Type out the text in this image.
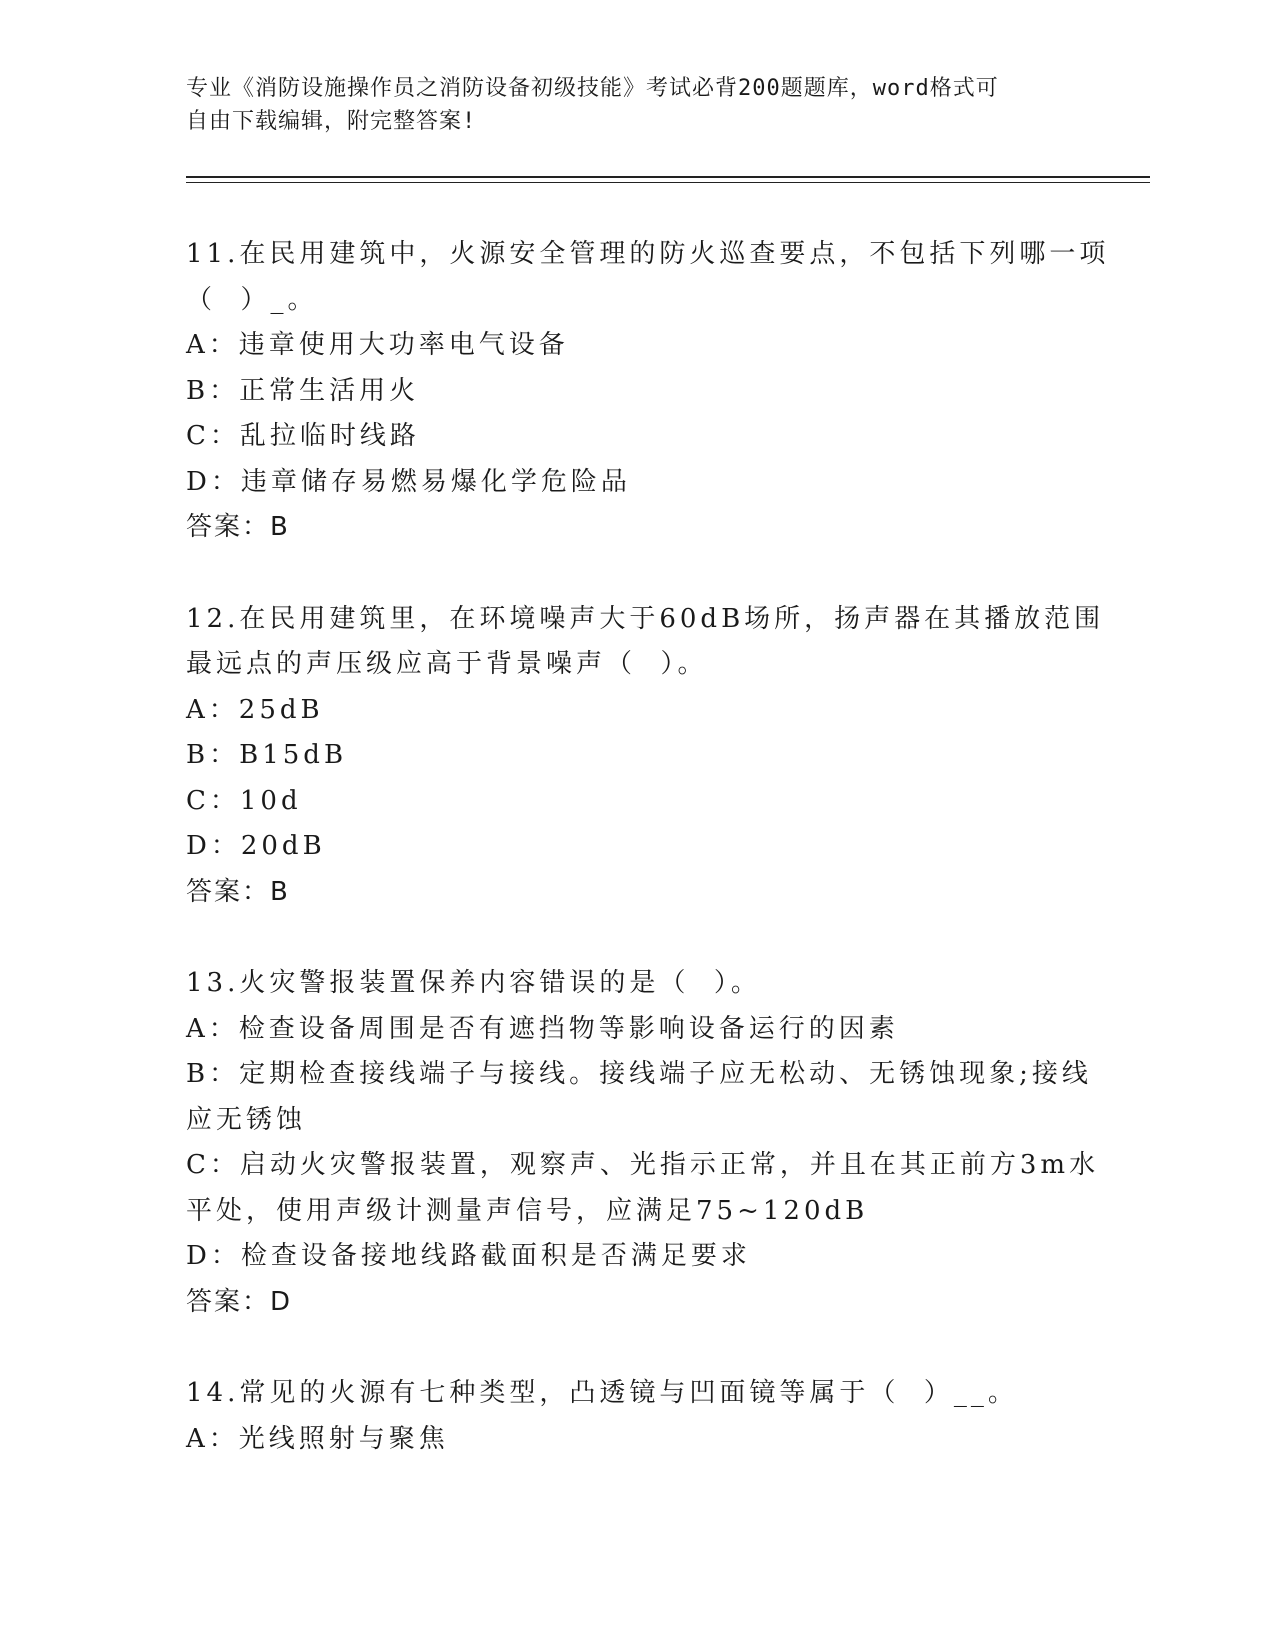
专业《消防设施操作员之消防设备初级技能》考试必背200题题库，word格式可
自由下载编辑，附完整答案!
11.在民用建筑中，火源安全管理的防火巡查要点，不包括下列哪一项
（  ）_。
A：违章使用大功率电气设备
B：正常生活用火
C：乱拉临时线路
D：违章储存易燃易爆化学危险品
答案：B
12.在民用建筑里，在环境噪声大于60dB场所，扬声器在其播放范围
最远点的声压级应高于背景噪声（  ）。
A：25dB
B：B15dB
C：10d
D：20dB
答案：B
13.火灾警报装置保养内容错误的是（  ）。
A：检查设备周围是否有遮挡物等影响设备运行的因素
B：定期检查接线端子与接线。接线端子应无松动、无锈蚀现象;接线
应无锈蚀
C：启动火灾警报装置，观察声、光指示正常，并且在其正前方3m水
平处，使用声级计测量声信号，应满足75~120dB
D：检查设备接地线路截面积是否满足要求
答案：D
14.常见的火源有七种类型，凸透镜与凹面镜等属于（  ）__。
A：光线照射与聚焦
